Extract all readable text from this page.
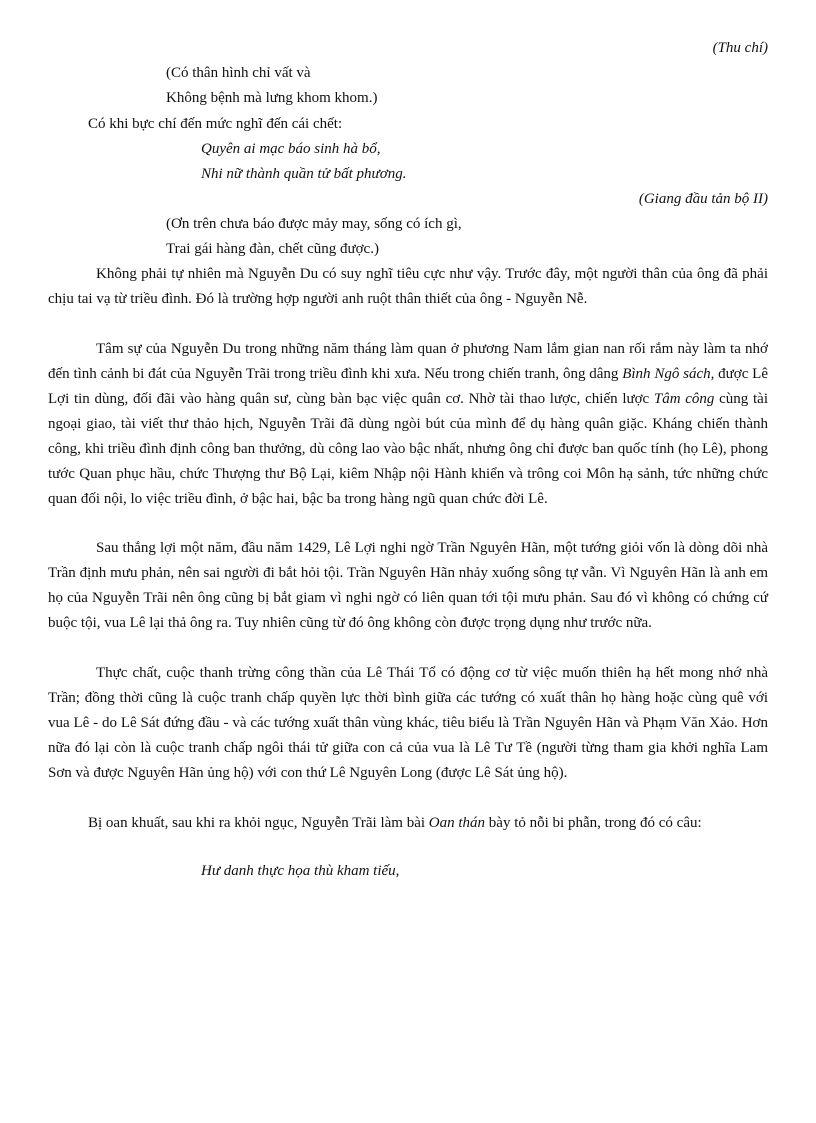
(Thu chí)
(Có thân hình chỉ vất và
Không bệnh mà lưng khom khom.)
Có khi bực chí đến mức nghĩ đến cái chết:
Quyên ai mạc báo sinh hà bổ,
Nhi nữ thành quần tử bất phương.
(Giang đầu tản bộ II)
(Ơn trên chưa báo được mảy may, sống có ích gì,
Trai gái hàng đàn, chết cũng được.)

Không phải tự nhiên mà Nguyễn Du có suy nghĩ tiêu cực như vậy. Trước đây, một người thân của ông đã phải chịu tai vạ từ triều đình. Đó là trường hợp người anh ruột thân thiết của ông - Nguyễn Nễ.

Tâm sự của Nguyễn Du trong những năm tháng làm quan ở phương Nam lắm gian nan rối rắm này làm ta nhớ đến tình cảnh bi đát của Nguyễn Trãi trong triều đình khi xưa. Nếu trong chiến tranh, ông dâng Bình Ngô sách, được Lê Lợi tin dùng, đối đãi vào hàng quân sư, cùng bàn bạc việc quân cơ. Nhờ tài thao lược, chiến lược Tâm công cùng tài ngoại giao, tài viết thư thảo hịch, Nguyễn Trãi đã dùng ngòi bút của mình để dụ hàng quân giặc. Kháng chiến thành công, khi triều đình định công ban thưởng, dù công lao vào bậc nhất, nhưng ông chỉ được ban quốc tính (họ Lê), phong tước Quan phục hầu, chức Thượng thư Bộ Lại, kiêm Nhập nội Hành khiển và trông coi Môn hạ sảnh, tức những chức quan đối nội, lo việc triều đình, ở bậc hai, bậc ba trong hàng ngũ quan chức đời Lê.

Sau thắng lợi một năm, đầu năm 1429, Lê Lợi nghi ngờ Trần Nguyên Hãn, một tướng giỏi vốn là dòng dõi nhà Trần định mưu phản, nên sai người đi bắt hỏi tội. Trần Nguyên Hãn nhảy xuống sông tự vẫn. Vì Nguyên Hãn là anh em họ của Nguyễn Trãi nên ông cũng bị bắt giam vì nghi ngờ có liên quan tới tội mưu phản. Sau đó vì không có chứng cứ buộc tội, vua Lê lại thả ông ra. Tuy nhiên cũng từ đó ông không còn được trọng dụng như trước nữa.

Thực chất, cuộc thanh trừng công thần của Lê Thái Tổ có động cơ từ việc muốn thiên hạ hết mong nhớ nhà Trần; đồng thời cũng là cuộc tranh chấp quyền lực thời bình giữa các tướng có xuất thân họ hàng hoặc cùng quê với vua Lê - do Lê Sát đứng đầu - và các tướng xuất thân vùng khác, tiêu biểu là Trần Nguyên Hãn và Phạm Văn Xảo. Hơn nữa đó lại còn là cuộc tranh chấp ngôi thái tử giữa con cả của vua là Lê Tư Tề (người từng tham gia khởi nghĩa Lam Sơn và được Nguyên Hãn ủng hộ) với con thứ Lê Nguyên Long (được Lê Sát ủng hộ).

Bị oan khuất, sau khi ra khỏi ngục, Nguyễn Trãi làm bài Oan thán bày tỏ nỗi bi phẫn, trong đó có câu:

Hư danh thực họa thù kham tiếu,
